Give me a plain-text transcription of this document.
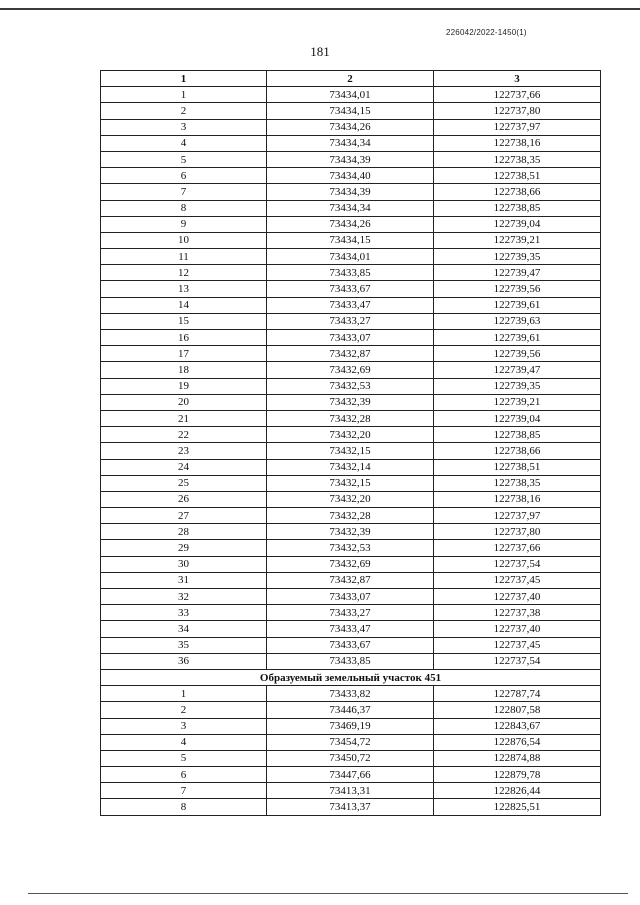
226042/2022-1450(1)
181
1	2	3
1	73434,01	122737,66
2	73434,15	122737,80
3	73434,26	122737,97
4	73434,34	122738,16
5	73434,39	122738,35
6	73434,40	122738,51
7	73434,39	122738,66
8	73434,34	122738,85
9	73434,26	122739,04
10	73434,15	122739,21
11	73434,01	122739,35
12	73433,85	122739,47
13	73433,67	122739,56
14	73433,47	122739,61
15	73433,27	122739,63
16	73433,07	122739,61
17	73432,87	122739,56
18	73432,69	122739,47
19	73432,53	122739,35
20	73432,39	122739,21
21	73432,28	122739,04
22	73432,20	122738,85
23	73432,15	122738,66
24	73432,14	122738,51
25	73432,15	122738,35
26	73432,20	122738,16
27	73432,28	122737,97
28	73432,39	122737,80
29	73432,53	122737,66
30	73432,69	122737,54
31	73432,87	122737,45
32	73433,07	122737,40
33	73433,27	122737,38
34	73433,47	122737,40
35	73433,67	122737,45
36	73433,85	122737,54
Образуемый земельный участок 451		
1	73433,82	122787,74
2	73446,37	122807,58
3	73469,19	122843,67
4	73454,72	122876,54
5	73450,72	122874,88
6	73447,66	122879,78
7	73413,31	122826,44
8	73413,37	122825,51
